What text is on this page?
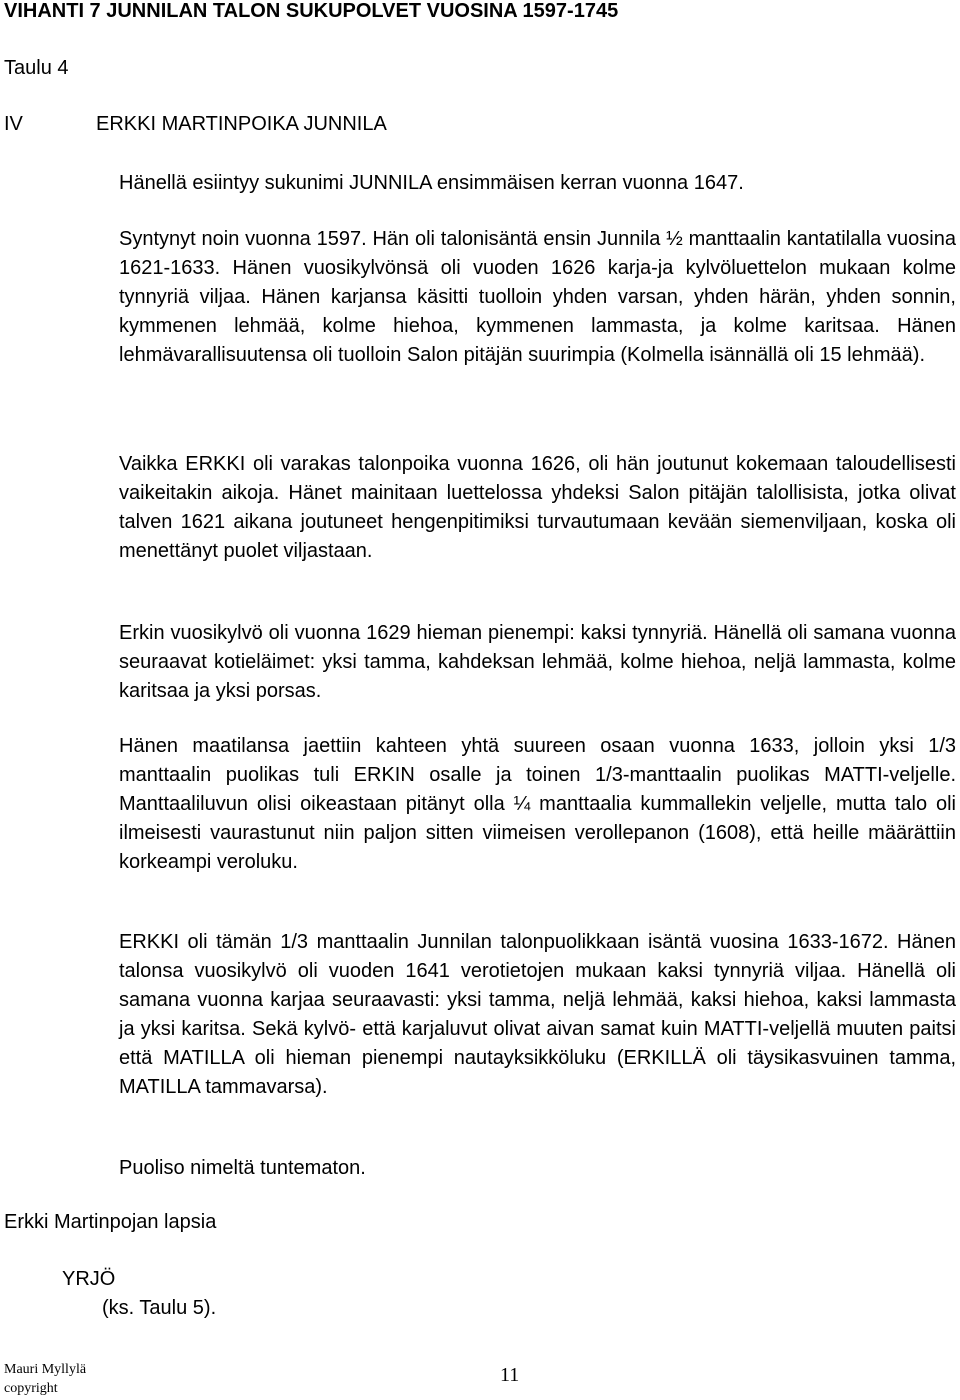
VIHANTI 7 JUNNILAN TALON SUKUPOLVET VUOSINA 1597-1745
Taulu 4
IV	ERKKI MARTINPOIKA JUNNILA

Hänellä esiintyy sukunimi JUNNILA ensimmäisen kerran vuonna 1647.

Syntynyt noin vuonna 1597. Hän oli talonisäntä ensin Junnila ½ manttaalin kantatilalla vuosina 1621-1633. Hänen vuosikylvönsä oli vuoden 1626 karja-ja kylvöluettelon mukaan kolme tynnyriä viljaa. Hänen karjansa käsitti tuolloin yhden varsan, yhden härän, yhden sonnin, kymmenen lehmää, kolme hiehoa, kymmenen lammasta, ja kolme karitsaa. Hänen lehmävarallisuutensa oli tuolloin Salon pitäjän suurimpia (Kolmella isännällä oli 15 lehmää).

Vaikka ERKKI oli varakas talonpoika vuonna 1626, oli hän joutunut kokemaan taloudellisesti vaikeitakin aikoja. Hänet mainitaan luettelossa yhdeksi Salon pitäjän talollisista, jotka olivat talven 1621 aikana joutuneet hengenpitimiksi turvautumaan kevään siemenviljaan, koska oli menettänyt puolet viljastaan.

Erkin vuosikylvö oli vuonna 1629 hieman pienempi: kaksi tynnyriä. Hänellä oli samana vuonna seuraavat kotieläimet: yksi tamma, kahdeksan lehmää, kolme hiehoa, neljä lammasta, kolme karitsaa ja yksi porsas.

Hänen maatilansa jaettiin kahteen yhtä suureen osaan vuonna 1633, jolloin yksi 1/3 manttaalin puolikas tuli ERKIN osalle ja toinen 1/3-manttaalin puolikas MATTI-veljelle. Manttaaliluvun olisi oikeastaan pitänyt olla ¼ manttaalia kummallekin veljelle, mutta talo oli ilmeisesti vaurastunut niin paljon sitten viimeisen verollepanon (1608), että heille määrättiin korkeampi veroluku.

ERKKI oli tämän 1/3 manttaalin Junnilan talonpuolikkaan isäntä vuosina 1633-1672. Hänen talonsa vuosikylvö oli vuoden 1641 verotietojen mukaan kaksi tynnyriä viljaa. Hänellä oli samana vuonna karjaa seuraavasti: yksi tamma, neljä lehmää, kaksi hiehoa, kaksi lammasta ja yksi karitsa. Sekä kylvö- että karjaluvut olivat aivan samat kuin MATTI-veljellä muuten paitsi että MATILLA oli hieman pienempi nautayksikköluku (ERKILLÄ oli täysikasvuinen tamma, MATILLA tammavarsa).

Puoliso nimeltä tuntematon.

Erkki Martinpojan lapsia
YRJÖ
(ks. Taulu 5).
Mauri Myllylä
copyright
11
